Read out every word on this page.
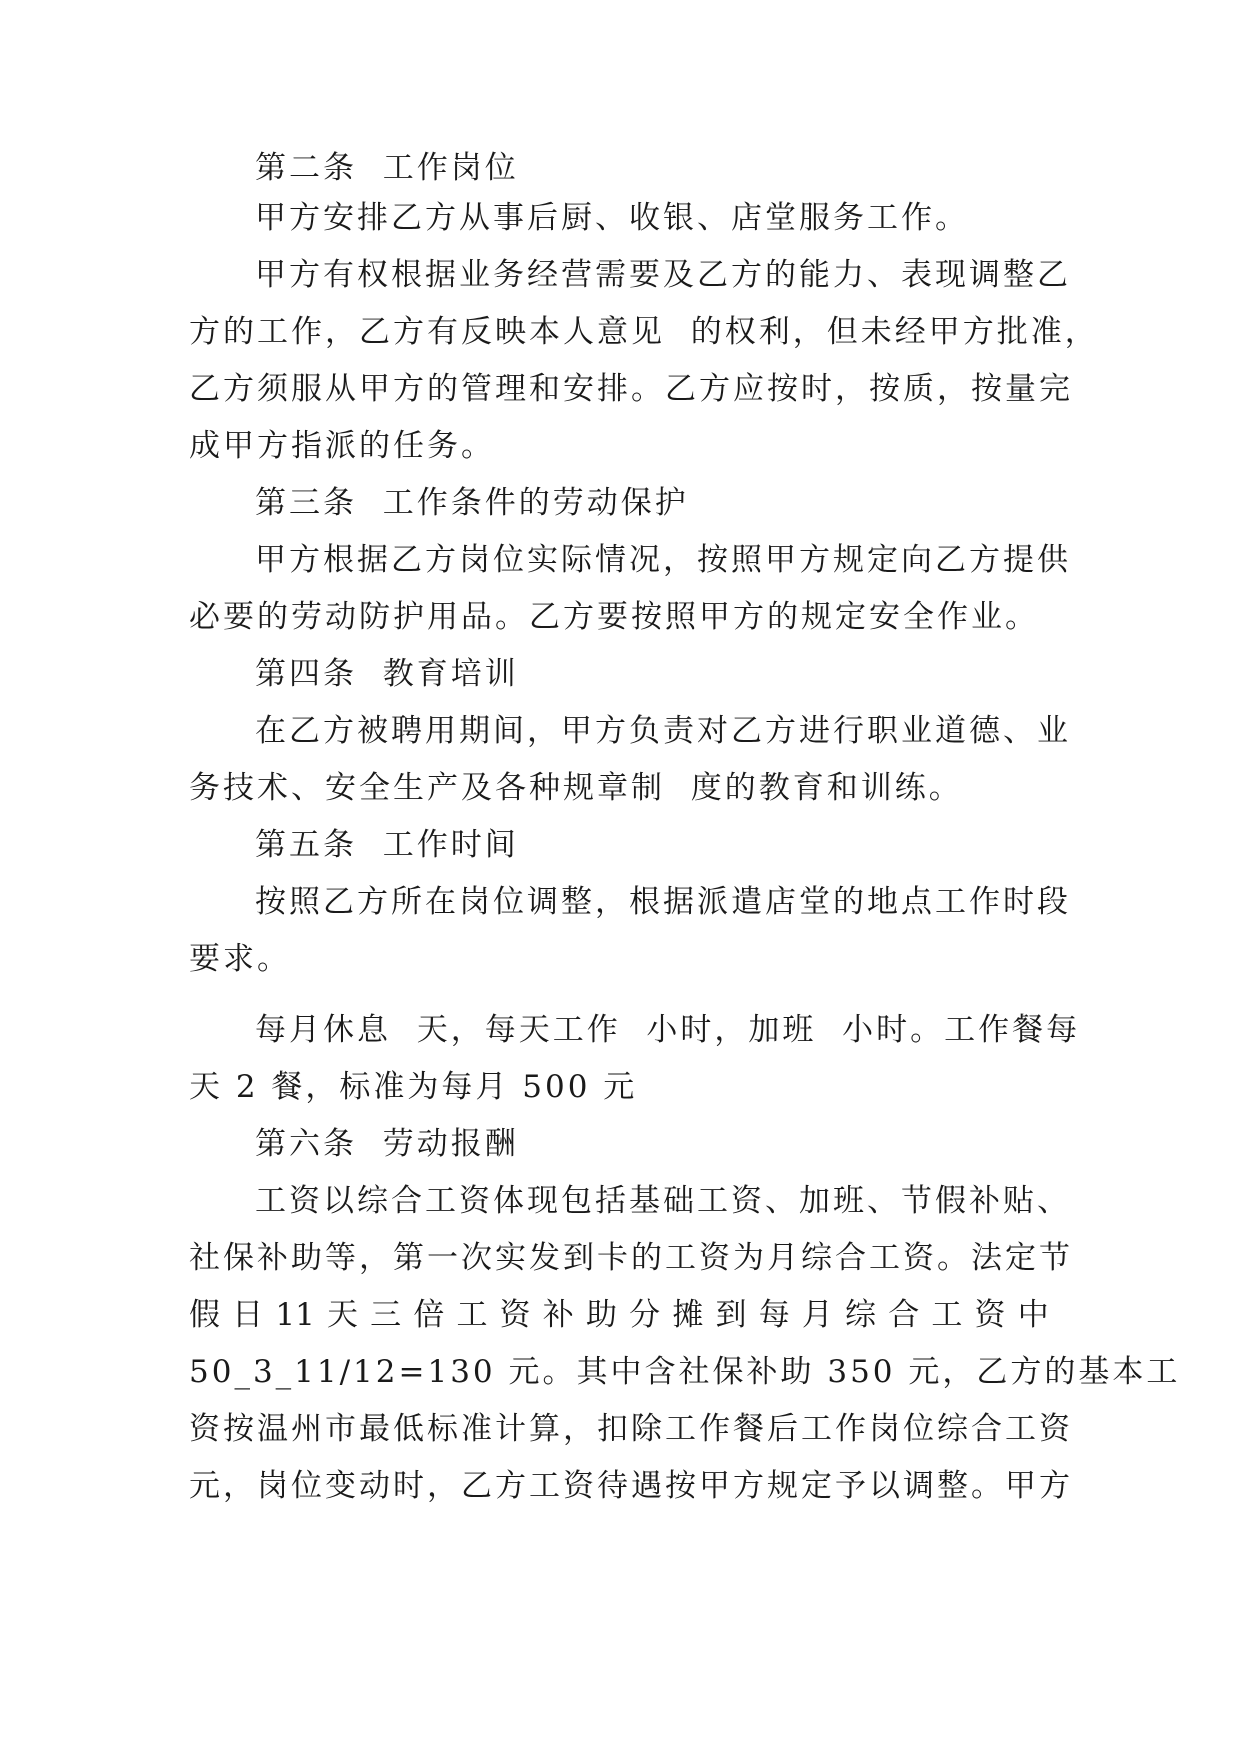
第二条  工作岗位
甲方安排乙方从事后厨、收银、店堂服务工作。
甲方有权根据业务经营需要及乙方的能力、表现调整乙
方的工作，乙方有反映本人意见  的权利，但未经甲方批准，
乙方须服从甲方的管理和安排。乙方应按时，按质，按量完
成甲方指派的任务。
第三条  工作条件的劳动保护
甲方根据乙方岗位实际情况，按照甲方规定向乙方提供
必要的劳动防护用品。乙方要按照甲方的规定安全作业。
第四条  教育培训
在乙方被聘用期间，甲方负责对乙方进行职业道德、业
务技术、安全生产及各种规章制  度的教育和训练。
第五条  工作时间
按照乙方所在岗位调整，根据派遣店堂的地点工作时段
要求。
每月休息  天，每天工作  小时，加班  小时。工作餐每
天 2 餐，标准为每月 500 元
第六条  劳动报酬
工资以综合工资体现包括基础工资、加班、节假补贴、
社保补助等，第一次实发到卡的工资为月综合工资。法定节
假 日 11 天 三 倍 工 资 补 助 分 摊 到 每 月 综 合 工 资 中
50_3_11/12=130 元。其中含社保补助 350 元，乙方的基本工
资按温州市最低标准计算，扣除工作餐后工作岗位综合工资
元，岗位变动时，乙方工资待遇按甲方规定予以调整。甲方
